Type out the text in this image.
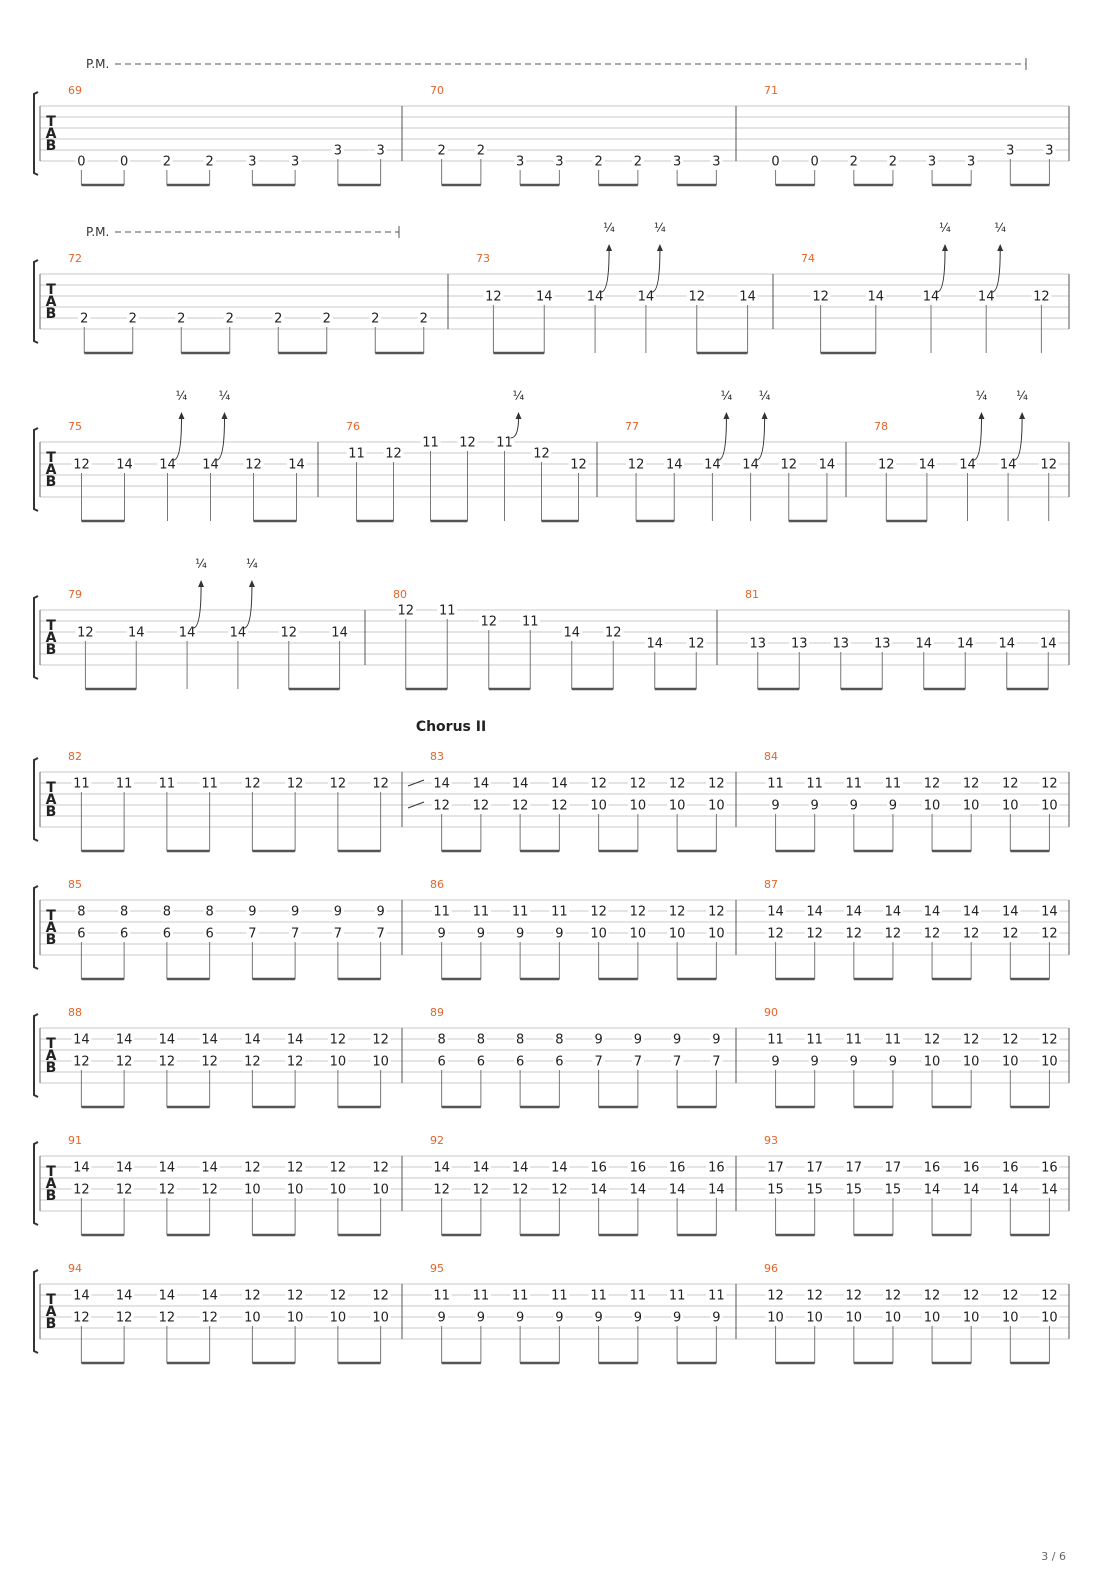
T
A
B
P.M.
69
0	0	2	2	3	3
3	3
70
2 2
3 3 2 2 3 3
71
0 0 2 2 3 3
3 3
T
A
B
P.M.
72
2	2	2	2	2	2	2	2
73
12	14	14
¼
14
¼
12	14
74
12	14	14
¼
14
¼
12
T
A
B
75
12 14 14
¼
14
¼
12 14
76
11 12
11 12 11
¼
12
12
77
12 14 14
¼
14
¼
12 14
78
12 14 14
¼
14
¼
12
T
A
B
79
12	14	14
¼
14
¼
12	14
80
12 11
12 11
14 12
14 12
81
13 13 13 13 14 14 14 14
T
A
B
Chorus II
82
11 11 11 11 12 12 12 12
83
14
12
14
12
14
12
14
12
12
10
12
10
12
10
12
10
84
11
9
11
9
11
9
11
9
12
10
12
10
12
10
12
10
T
A
B
85
8
6
8
6
8
6
8
6
9
7
9
7
9
7
9
7
86
11
9
11
9
11
9
11
9
12
10
12
10
12
10
12
10
87
14
12
14
12
14
12
14
12
14
12
14
12
14
12
14
12
T
A
B
88
14
12
14
12
14
12
14
12
14
12
14
12
12
10
12
10
89
8
6
8
6
8
6
8
6
9
7
9
7
9
7
9
7
90
11
9
11
9
11
9
11
9
12
10
12
10
12
10
12
10
T
A
B
91
14
12
14
12
14
12
14
12
12
10
12
10
12
10
12
10
92
14
12
14
12
14
12
14
12
16
14
16
14
16
14
16
14
93
17
15
17
15
17
15
17
15
16
14
16
14
16
14
16
14
T
A
B
94
14
12
14
12
14
12
14
12
12
10
12
10
12
10
12
10
95
11
9
11
9
11
9
11
9
11
9
11
9
11
9
11
9
96
12
10
12
10
12
10
12
10
12
10
12
10
12
10
12
10
3 / 6
